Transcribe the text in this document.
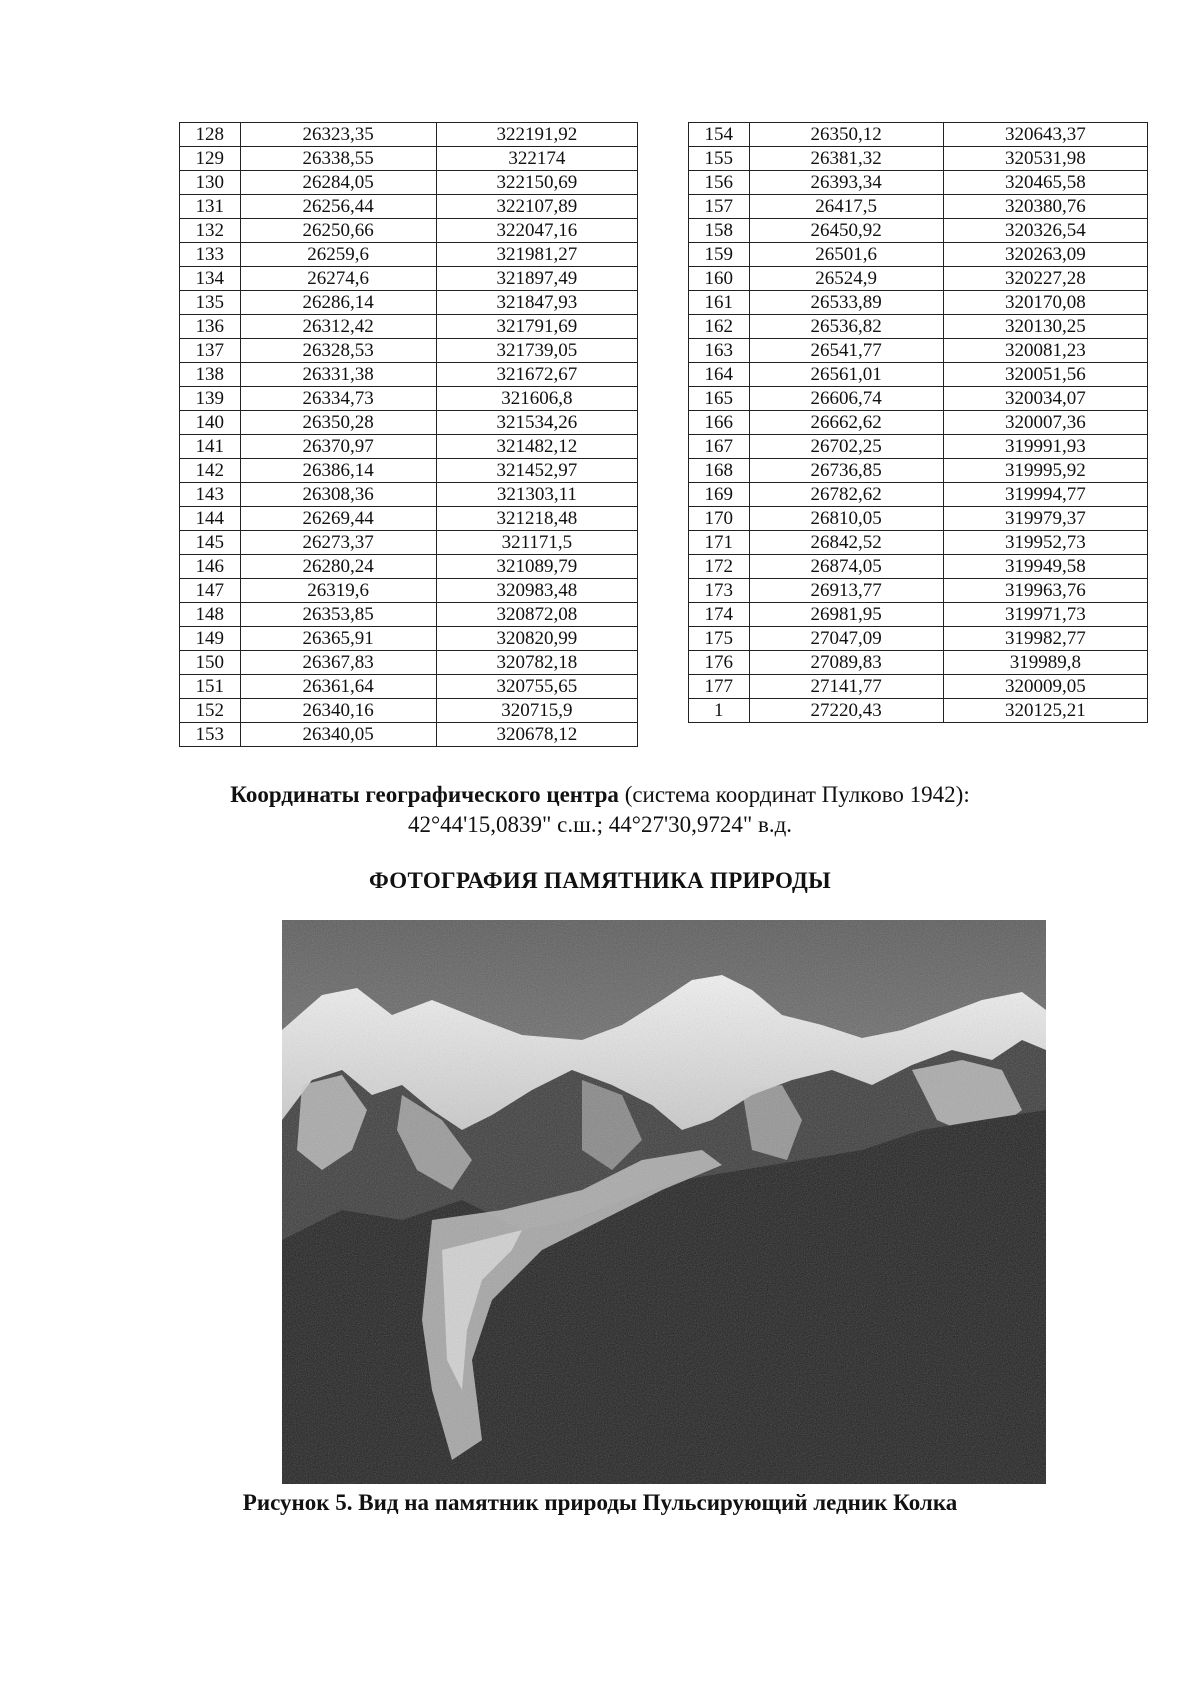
128	26323,35	322191,92
129	26338,55	322174
130	26284,05	322150,69
131	26256,44	322107,89
132	26250,66	322047,16
133	26259,6	321981,27
134	26274,6	321897,49
135	26286,14	321847,93
136	26312,42	321791,69
137	26328,53	321739,05
138	26331,38	321672,67
139	26334,73	321606,8
140	26350,28	321534,26
141	26370,97	321482,12
142	26386,14	321452,97
143	26308,36	321303,11
144	26269,44	321218,48
145	26273,37	321171,5
146	26280,24	321089,79
147	26319,6	320983,48
148	26353,85	320872,08
149	26365,91	320820,99
150	26367,83	320782,18
151	26361,64	320755,65
152	26340,16	320715,9
153	26340,05	320678,12
154	26350,12	320643,37
155	26381,32	320531,98
156	26393,34	320465,58
157	26417,5	320380,76
158	26450,92	320326,54
159	26501,6	320263,09
160	26524,9	320227,28
161	26533,89	320170,08
162	26536,82	320130,25
163	26541,77	320081,23
164	26561,01	320051,56
165	26606,74	320034,07
166	26662,62	320007,36
167	26702,25	319991,93
168	26736,85	319995,92
169	26782,62	319994,77
170	26810,05	319979,37
171	26842,52	319952,73
172	26874,05	319949,58
173	26913,77	319963,76
174	26981,95	319971,73
175	27047,09	319982,77
176	27089,83	319989,8
177	27141,77	320009,05
1	27220,43	320125,21
Координаты географического центра (система координат Пулково 1942):
42°44'15,0839" с.ш.; 44°27'30,9724" в.д.
ФОТОГРАФИЯ ПАМЯТНИКА ПРИРОДЫ
Рисунок 5. Вид на памятник природы Пульсирующий ледник Колка
